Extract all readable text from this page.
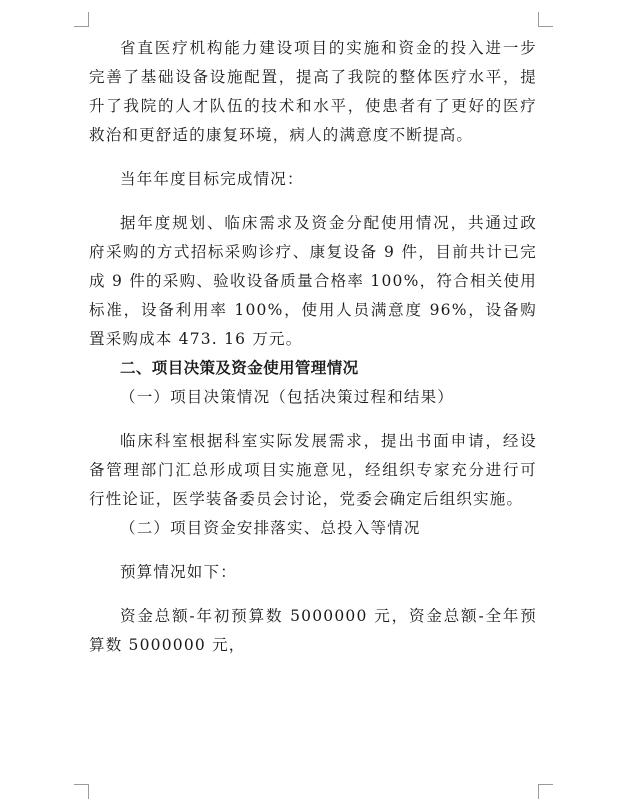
省直医疗机构能力建设项目的实施和资金的投入进一步完善了基础设备设施配置，提高了我院的整体医疗水平，提升了我院的人才队伍的技术和水平，使患者有了更好的医疗救治和更舒适的康复环境，病人的满意度不断提高。

当年年度目标完成情况：

据年度规划、临床需求及资金分配使用情况，共通过政府采购的方式招标采购诊疗、康复设备 9 件，目前共计已完成 9 件的采购、验收设备质量合格率 100%，符合相关使用标准，设备利用率 100%，使用人员满意度 96%，设备购置采购成本 473. 16 万元。

二、项目决策及资金使用管理情况

（一）项目决策情况（包括决策过程和结果）

临床科室根据科室实际发展需求，提出书面申请，经设备管理部门汇总形成项目实施意见，经组织专家充分进行可行性论证，医学装备委员会讨论，党委会确定后组织实施。

（二）项目资金安排落实、总投入等情况

预算情况如下：

资金总额-年初预算数 5000000 元，资金总额-全年预算数 5000000 元，
